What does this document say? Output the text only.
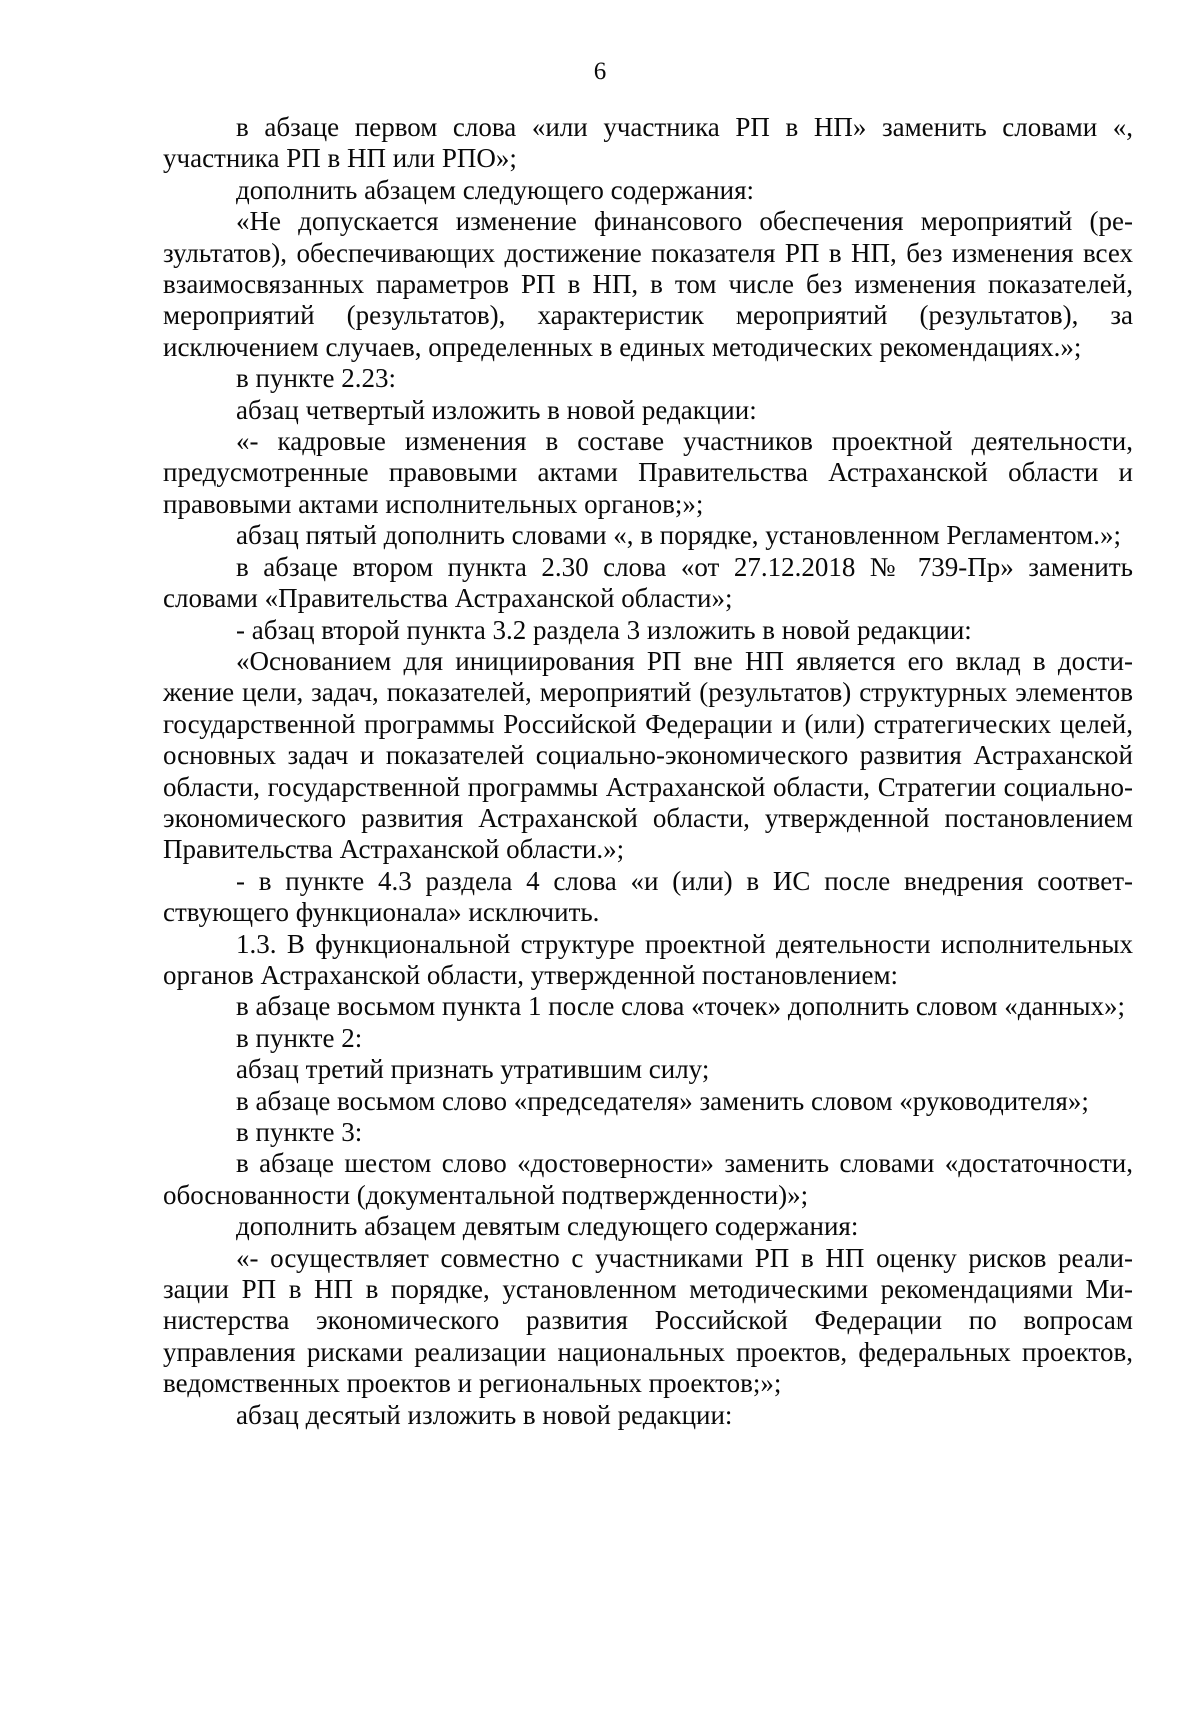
6

в абзаце первом слова «или участника РП в НП» заменить словами «, участника РП в НП или РПО»;

дополнить абзацем следующего содержания:

«Не допускается изменение финансового обеспечения мероприятий (результатов), обеспечивающих достижение показателя РП в НП, без изменения всех взаимосвязанных параметров РП в НП, в том числе без изменения показателей, мероприятий (результатов), характеристик мероприятий (результатов), за исключением случаев, определенных в единых методических рекомендациях.»;

в пункте 2.23:

абзац четвертый изложить в новой редакции:

«- кадровые изменения в составе участников проектной деятельности, предусмотренные правовыми актами Правительства Астраханской области и правовыми актами исполнительных органов;»;

абзац пятый дополнить словами «, в порядке, установленном Регламентом.»;

в абзаце втором пункта 2.30 слова «от 27.12.2018 № 739-Пр» заменить словами «Правительства Астраханской области»;

- абзац второй пункта 3.2 раздела 3 изложить в новой редакции:

«Основанием для инициирования РП вне НП является его вклад в достижение цели, задач, показателей, мероприятий (результатов) структурных элементов государственной программы Российской Федерации и (или) стратегических целей, основных задач и показателей социально-экономического развития Астраханской области, государственной программы Астраханской области, Стратегии социально-экономического развития Астраханской области, утвержденной постановлением Правительства Астраханской области.»;

- в пункте 4.3 раздела 4 слова «и (или) в ИС после внедрения соответствующего функционала» исключить.

1.3. В функциональной структуре проектной деятельности исполнительных органов Астраханской области, утвержденной постановлением:

в абзаце восьмом пункта 1 после слова «точек» дополнить словом «данных»;

в пункте 2:

абзац третий признать утратившим силу;

в абзаце восьмом слово «председателя» заменить словом «руководителя»;

в пункте 3:

в абзаце шестом слово «достоверности» заменить словами «достаточности, обоснованности (документальной подтвержденности)»;

дополнить абзацем девятым следующего содержания:

«- осуществляет совместно с участниками РП в НП оценку рисков реализации РП в НП в порядке, установленном методическими рекомендациями Министерства экономического развития Российской Федерации по вопросам управления рисками реализации национальных проектов, федеральных проектов, ведомственных проектов и региональных проектов;»;

абзац десятый изложить в новой редакции:
